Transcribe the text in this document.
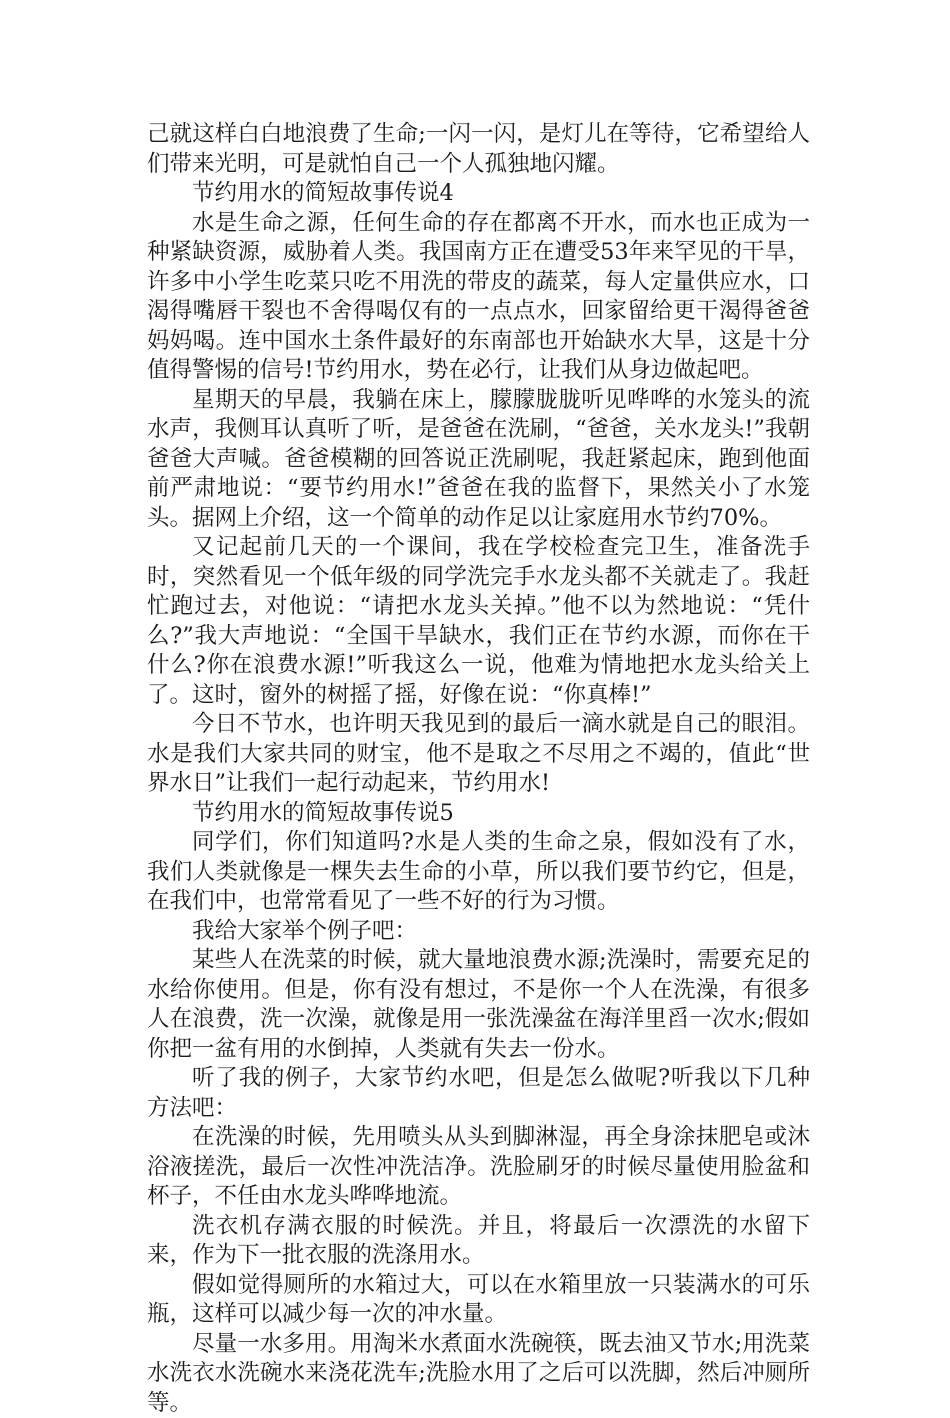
己就这样白白地浪费了生命;一闪一闪，是灯儿在等待，它希望给人们带来光明，可是就怕自己一个人孤独地闪耀。

节约用水的简短故事传说4

水是生命之源，任何生命的存在都离不开水，而水也正成为一种紧缺资源，威胁着人类。我国南方正在遭受53年来罕见的干旱，许多中小学生吃菜只吃不用洗的带皮的蔬菜，每人定量供应水，口渴得嘴唇干裂也不舍得喝仅有的一点点水，回家留给更干渴得爸爸妈妈喝。连中国水土条件最好的东南部也开始缺水大旱，这是十分值得警惕的信号!节约用水，势在必行，让我们从身边做起吧。

星期天的早晨，我躺在床上，朦朦胧胧听见哗哗的水笼头的流水声，我侧耳认真听了听，是爸爸在洗刷，“爸爸，关水龙头!”我朝爸爸大声喊。爸爸模糊的回答说正洗刷呢，我赶紧起床，跑到他面前严肃地说：“要节约用水!”爸爸在我的监督下，果然关小了水笼头。据网上介绍，这一个简单的动作足以让家庭用水节约70%。

又记起前几天的一个课间，我在学校检查完卫生，准备洗手时，突然看见一个低年级的同学洗完手水龙头都不关就走了。我赶忙跑过去，对他说：“请把水龙头关掉。”他不以为然地说：“凭什么?”我大声地说：“全国干旱缺水，我们正在节约水源，而你在干什么?你在浪费水源!”听我这么一说，他难为情地把水龙头给关上了。这时，窗外的树摇了摇，好像在说：“你真棒!”

今日不节水，也许明天我见到的最后一滴水就是自己的眼泪。水是我们大家共同的财宝，他不是取之不尽用之不竭的，值此“世界水日”让我们一起行动起来，节约用水!

节约用水的简短故事传说5

同学们，你们知道吗?水是人类的生命之泉，假如没有了水，我们人类就像是一棵失去生命的小草，所以我们要节约它，但是，在我们中，也常常看见了一些不好的行为习惯。

我给大家举个例子吧：

某些人在洗菜的时候，就大量地浪费水源;洗澡时，需要充足的水给你使用。但是，你有没有想过，不是你一个人在洗澡，有很多人在浪费，洗一次澡，就像是用一张洗澡盆在海洋里舀一次水;假如你把一盆有用的水倒掉，人类就有失去一份水。

听了我的例子，大家节约水吧，但是怎么做呢?听我以下几种方法吧：

在洗澡的时候，先用喷头从头到脚淋湿，再全身涂抹肥皂或沐浴液搓洗，最后一次性冲洗洁净。洗脸刷牙的时候尽量使用脸盆和杯子，不任由水龙头哗哗地流。

洗衣机存满衣服的时候洗。并且，将最后一次漂洗的水留下来，作为下一批衣服的洗涤用水。

假如觉得厕所的水箱过大，可以在水箱里放一只装满水的可乐瓶，这样可以减少每一次的冲水量。

尽量一水多用。用淘米水煮面水洗碗筷，既去油又节水;用洗菜水洗衣水洗碗水来浇花洗车;洗脸水用了之后可以洗脚，然后冲厕所等。
